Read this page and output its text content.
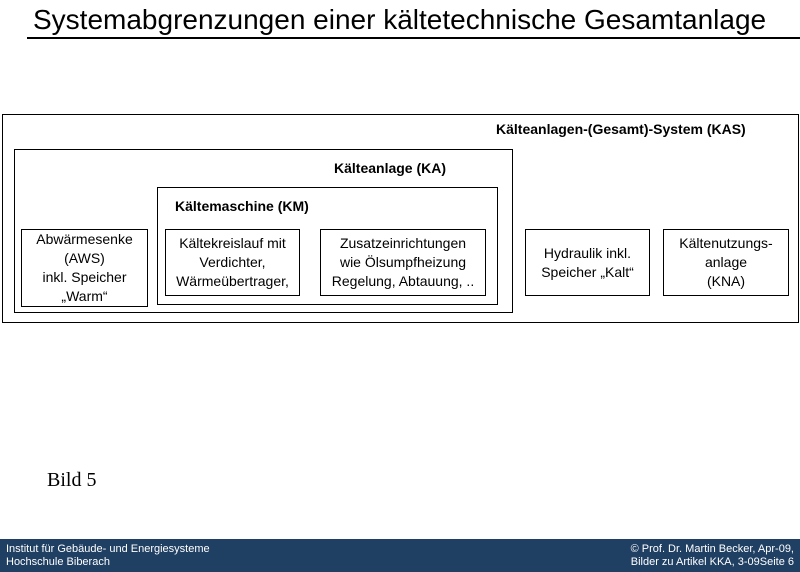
Systemabgrenzungen einer kältetechnische Gesamtanlage
Kälteanlagen-(Gesamt)-System (KAS)
Kälteanlage (KA)
Kältemaschine (KM)
Abwärmesenke
(AWS)
inkl. Speicher
„Warm“
Kältekreislauf mit
Verdichter,
Wärmeübertrager,
Zusatzeinrichtungen
wie Ölsumpfheizung
Regelung, Abtauung, ..
Hydraulik inkl.
Speicher „Kalt“
Kältenutzungs-
anlage
(KNA)
Bild 5
Institut für Gebäude- und Energiesysteme
Hochschule Biberach
© Prof. Dr. Martin Becker, Apr-09,
Bilder zu Artikel KKA, 3-09Seite 6
